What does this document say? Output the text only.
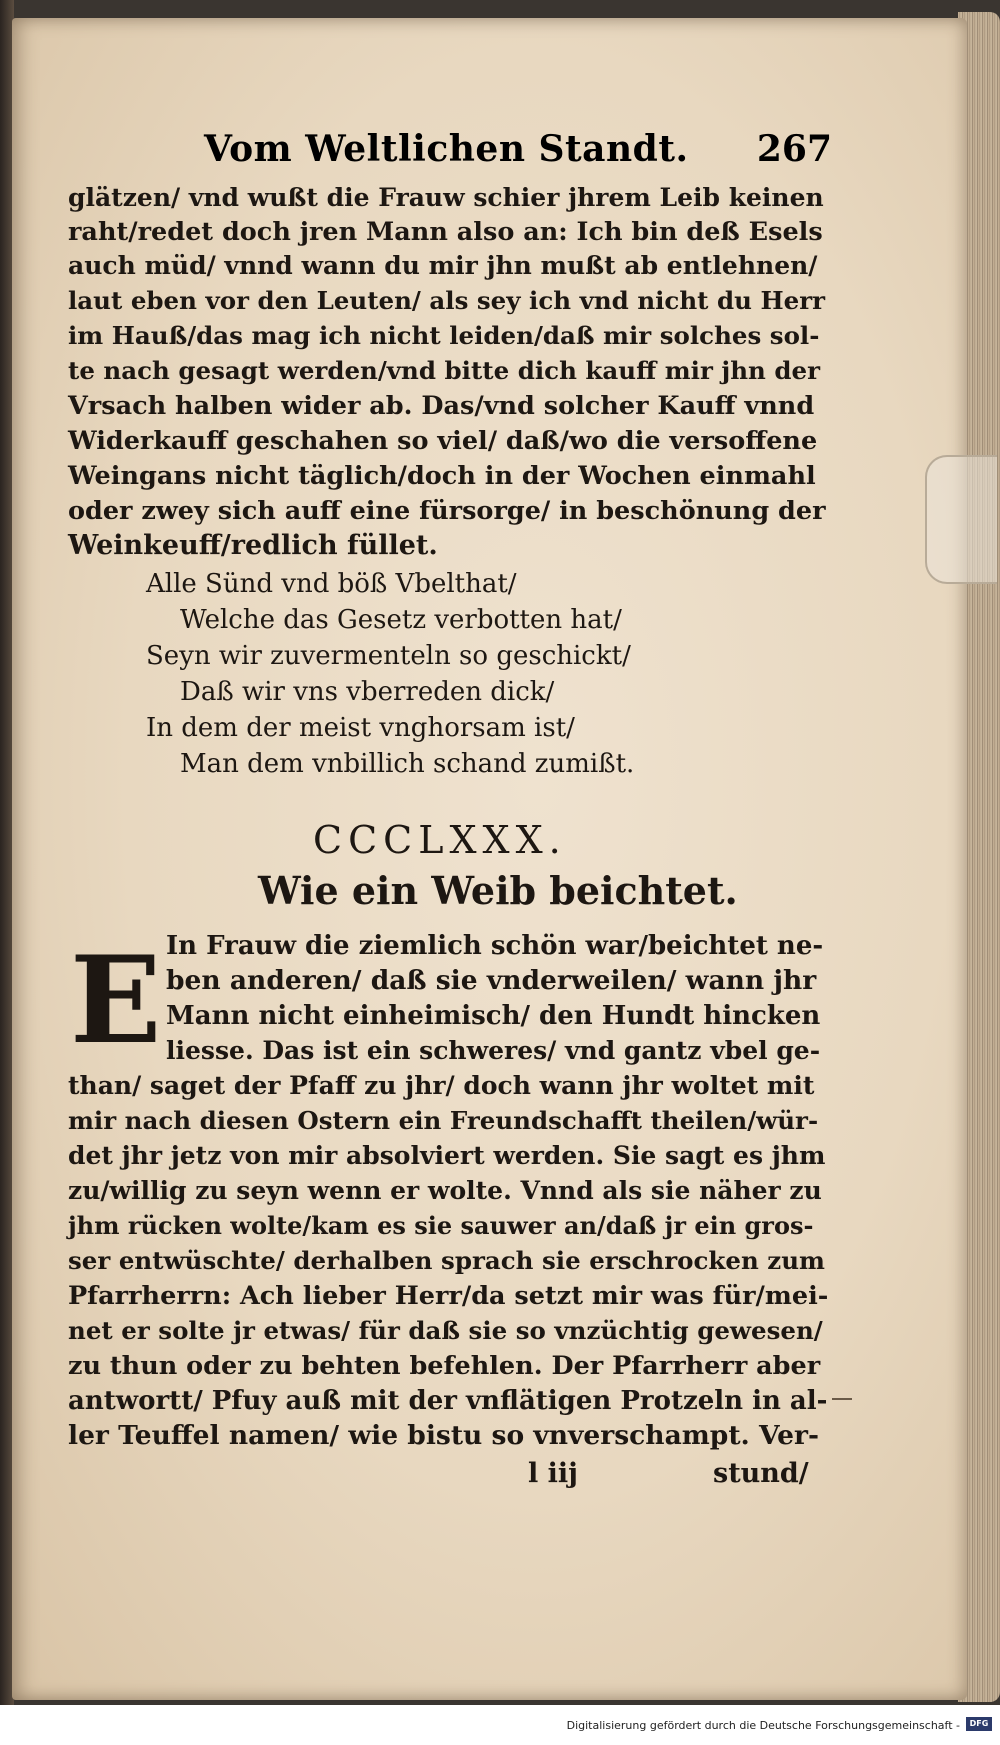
Vom Weltlichen Standt. 267
glätzen/ vnd wußt die Frauw schier jhrem Leib keinen
raht/redet doch jren Mann also an: Ich bin deß Esels
auch müd/ vnnd wann du mir jhn mußt ab entlehnen/
laut eben vor den Leuten/ als sey ich vnd nicht du Herr
im Hauß/das mag ich nicht leiden/daß mir solches sol-
te nach gesagt werden/vnd bitte dich kauff mir jhn der
Vrsach halben wider ab. Das/vnd solcher Kauff vnnd
Widerkauff geschahen so viel/ daß/wo die versoffene
Weingans nicht täglich/doch in der Wochen einmahl
oder zwey sich auff eine fürsorge/ in beschönung der
Weinkeuff/redlich füllet.
Alle Sünd vnd böß Vbelthat/
Welche das Gesetz verbotten hat/
Seyn wir zuvermenteln so geschickt/
Daß wir vns vberreden dick/
In dem der meist vnghorsam ist/
Man dem vnbillich schand zumißt.
CCCLXXX.
Wie ein Weib beichtet.
In Frauw die ziemlich schön war/beichtet ne-
ben anderen/ daß sie vnderweilen/ wann jhr
Mann nicht einheimisch/ den Hundt hincken
liesse. Das ist ein schweres/ vnd gantz vbel ge-
than/ saget der Pfaff zu jhr/ doch wann jhr woltet mit
mir nach diesen Ostern ein Freundschafft theilen/wür-
det jhr jetz von mir absolviert werden. Sie sagt es jhm
zu/willig zu seyn wenn er wolte. Vnnd als sie näher zu
jhm rücken wolte/kam es sie sauwer an/daß jr ein gros-
ser entwüschte/ derhalben sprach sie erschrocken zum
Pfarrherrn: Ach lieber Herr/da setzt mir was für/mei-
net er solte jr etwas/ für daß sie so vnzüchtig gewesen/
zu thun oder zu behten befehlen. Der Pfarrherr aber
antwortt/ Pfuy auß mit der vnflätigen Protzeln in al-
ler Teuffel namen/ wie bistu so vnverschampt. Ver-
l iij	stund/
E
Digitalisierung gefördert durch die Deutsche Forschungsgemeinschaft -	DFG
